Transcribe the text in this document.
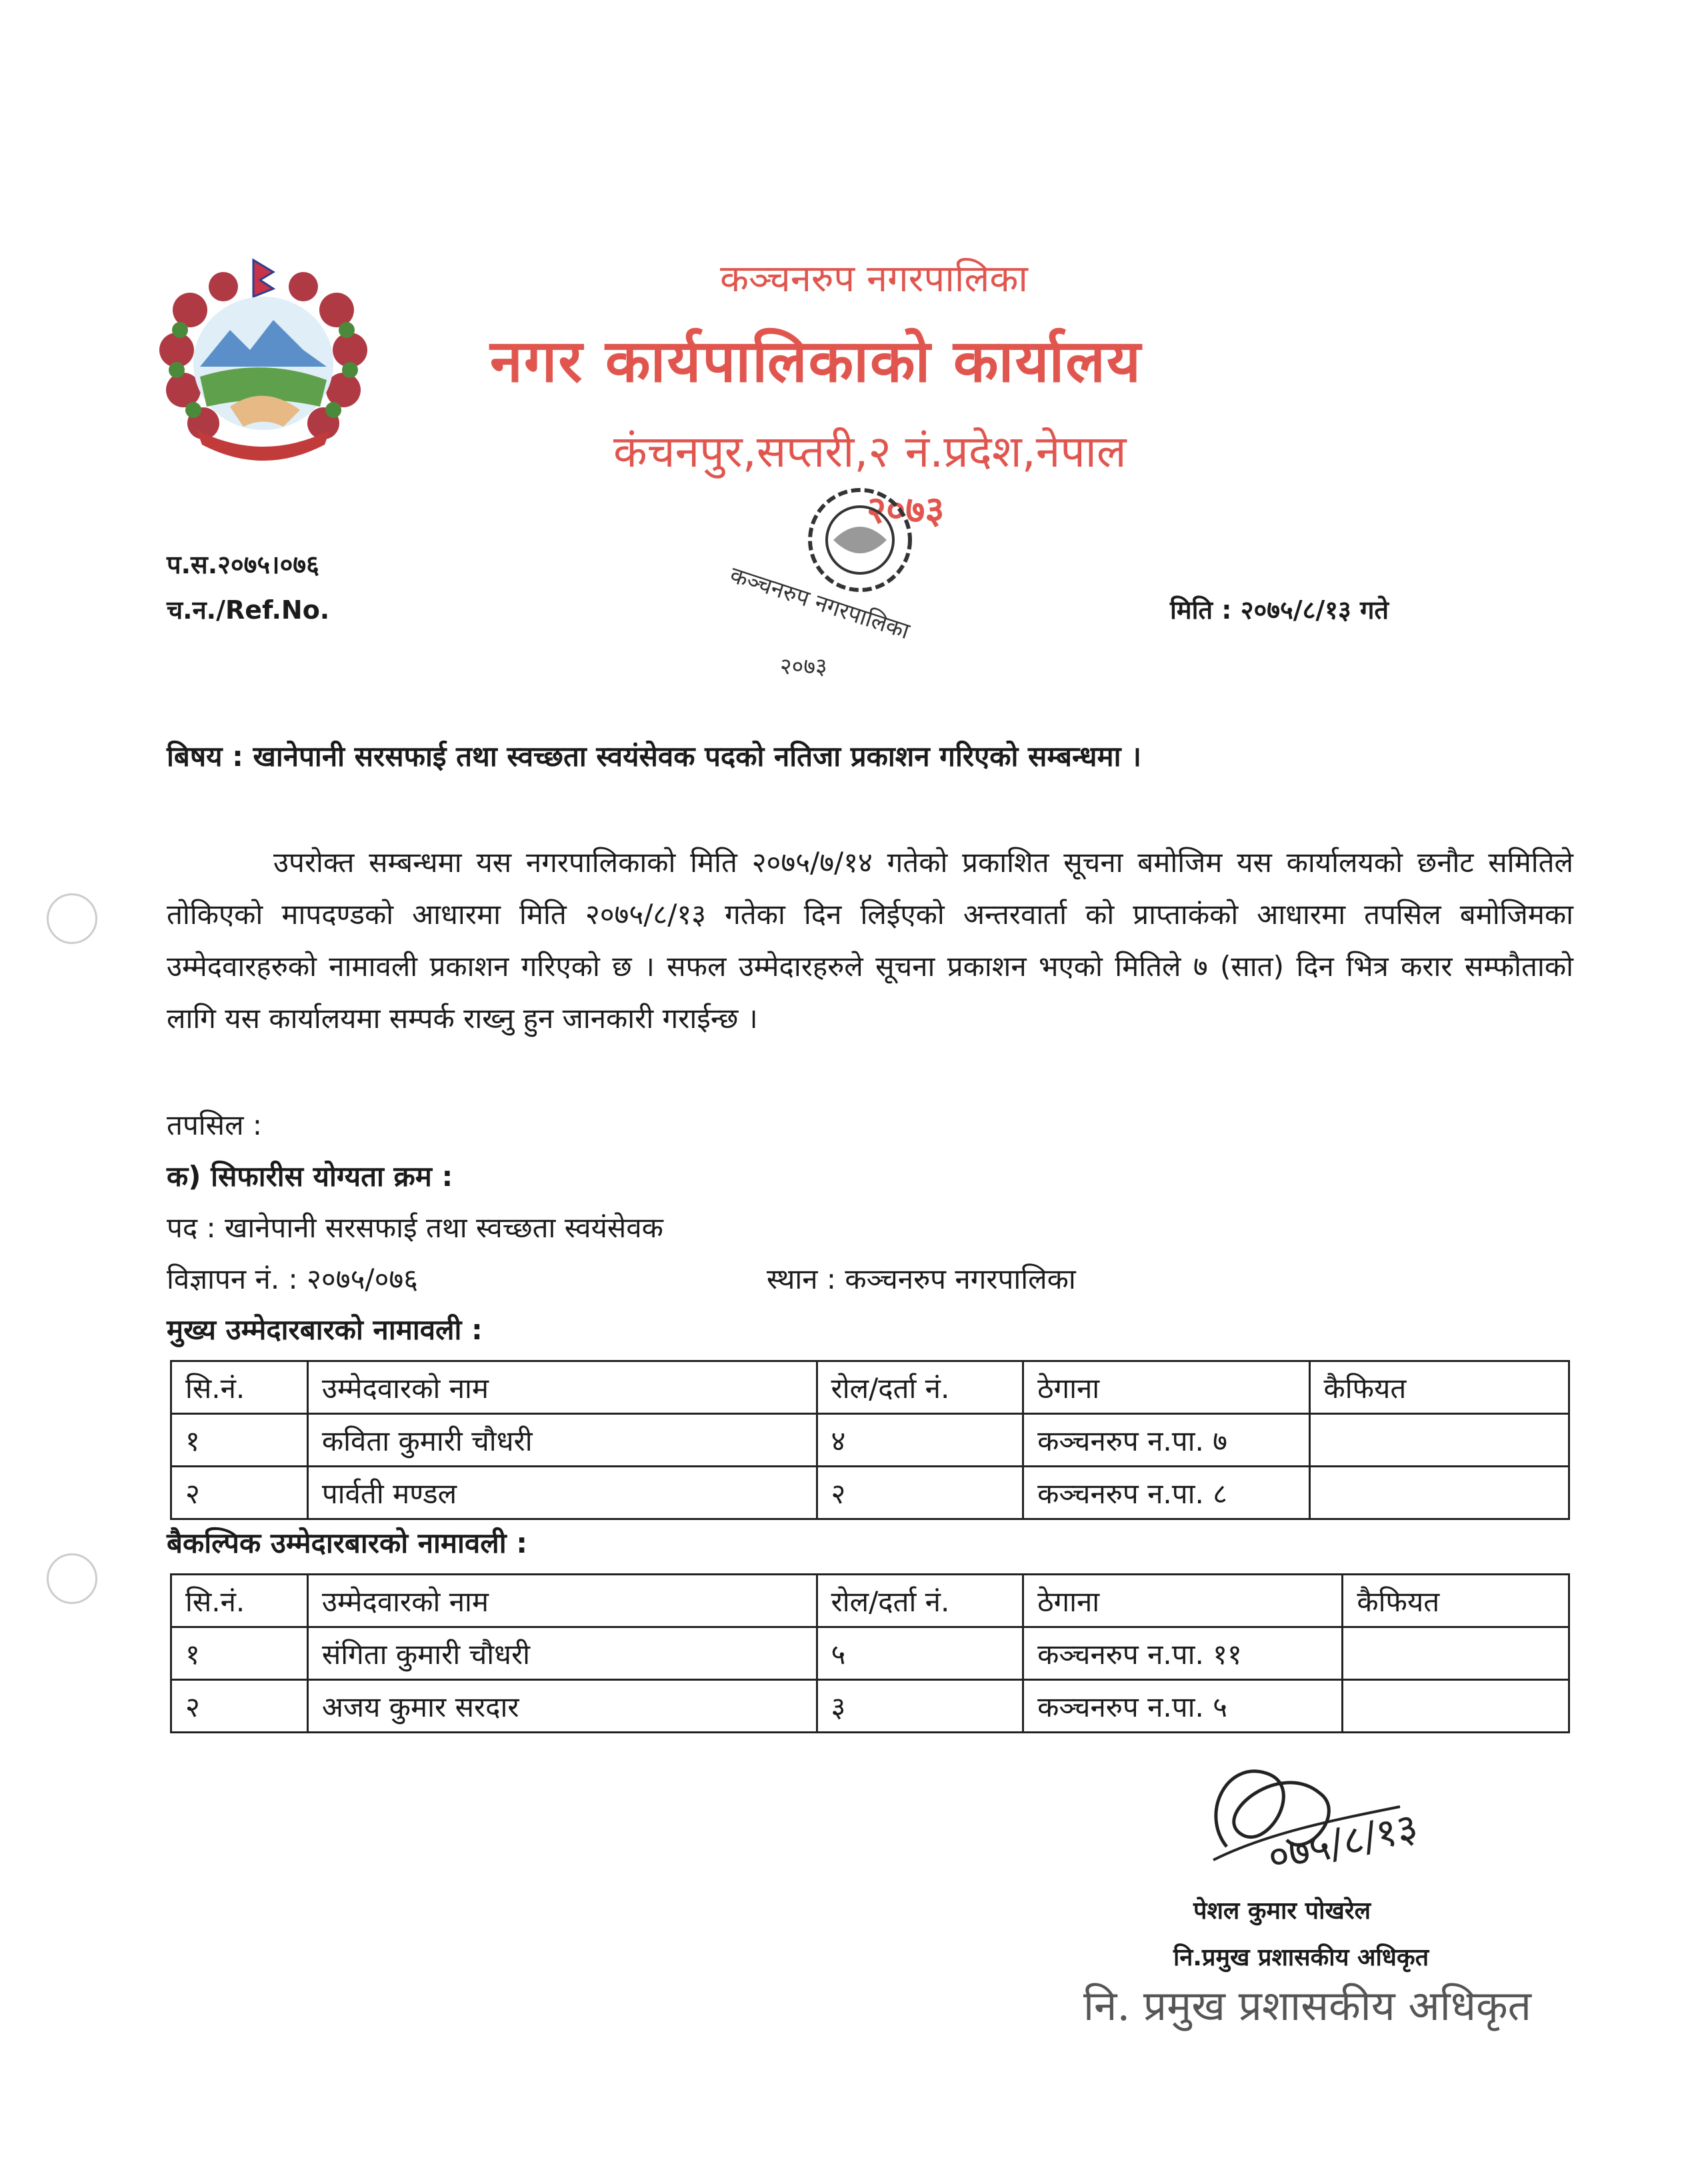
कञ्चनरुप नगरपालिका
नगर कार्यपालिकाको कार्यालय
कंचनपुर,सप्तरी,२ नं.प्रदेश,नेपाल
२०७३
कञ्चनरुप नगरपालिका
२०७३
प.स.२०७५।०७६
च.न./Ref.No.	मिति : २०७५/८/१३ गते
बिषय : खानेपानी सरसफाई तथा स्वच्छता स्वयंसेवक पदको नतिजा प्रकाशन गरिएको सम्बन्धमा ।

उपरोक्त सम्बन्धमा यस नगरपालिकाको मिति २०७५/७/१४ गतेको प्रकाशित सूचना बमोजिम यस कार्यालयको छनौट समितिले तोकिएको मापदण्डको आधारमा मिति २०७५/८/१३ गतेका दिन लिईएको अन्तरवार्ता को प्राप्ताकंको आधारमा तपसिल बमोजिमका उम्मेदवारहरुको नामावली प्रकाशन गरिएको छ । सफल उम्मेदारहरुले सूचना प्रकाशन भएको मितिले ७ (सात) दिन भित्र करार सम्फौताको लागि यस कार्यालयमा सम्पर्क राख्नु हुन जानकारी गराईन्छ ।

तपसिल :
क) सिफारीस योग्यता क्रम :
पद : खानेपानी सरसफाई तथा स्वच्छता स्वयंसेवक
विज्ञापन नं. : २०७५/०७६	स्थान : कञ्चनरुप नगरपालिका
मुख्य उम्मेदारबारको नामावली :
सि.नं.	उम्मेदवारको नाम	रोल/दर्ता नं.	ठेगाना	कैफियत
१	कविता कुमारी चौधरी	४	कञ्चनरुप न.पा. ७	
२	पार्वती मण्डल	२	कञ्चनरुप न.पा. ८	
बैकल्पिक उम्मेदारबारको नामावली :
सि.नं.	उम्मेदवारको नाम	रोल/दर्ता नं.	ठेगाना	कैफियत
१	संगिता कुमारी चौधरी	५	कञ्चनरुप न.पा. ११	
२	अजय कुमार सरदार	३	कञ्चनरुप न.पा. ५	
०७५/८/१३
पेशल कुमार पोखरेल
नि.प्रमुख प्रशासकीय अधिकृत
नि. प्रमुख प्रशासकीय अधिकृत
